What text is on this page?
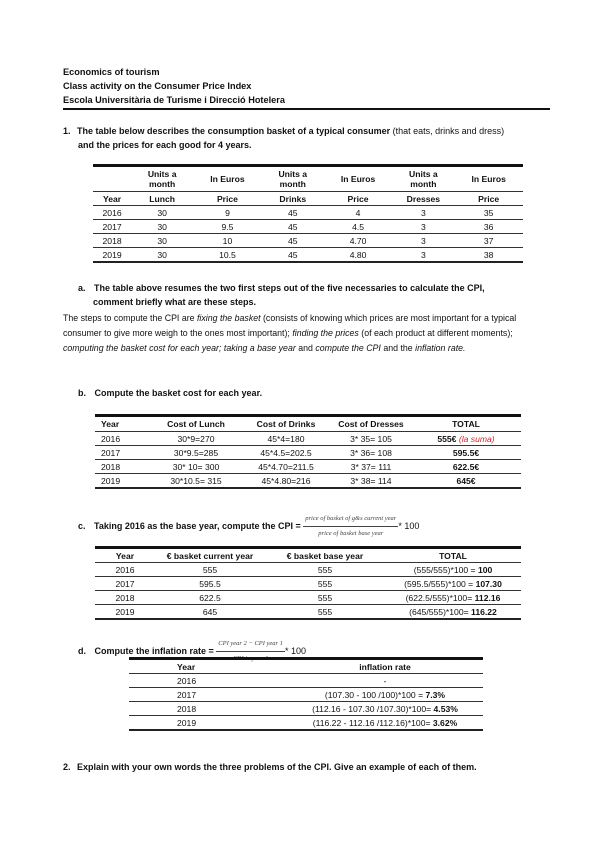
Economics of tourism
Class activity on the Consumer Price Index
Escola Universitària de Turisme i Direcció Hotelera
1. The table below describes the consumption basket of a typical consumer (that eats, drinks and dress)
and the prices for each good for 4 years.
	Units a month	In Euros	Units a month	In Euros	Units a month	In Euros
Year	Lunch	Price	Drinks	Price	Dresses	Price
2016	30	9	45	4	3	35
2017	30	9.5	45	4.5	3	36
2018	30	10	45	4.70	3	37
2019	30	10.5	45	4.80	3	38
a. The table above resumes the two first steps out of the five necessaries to calculate the CPI,
comment briefly what are these steps.

The steps to compute the CPI are fixing the basket (consists of knowing which prices are most important for a typical consumer to give more weigh to the ones most important); finding the prices (of each product at different moments); computing the basket cost for each year; taking a base year and compute the CPI and the inflation rate.

b. Compute the basket cost for each year.
Year	Cost of Lunch	Cost of Drinks	Cost of Dresses	TOTAL
2016	30*9=270	45*4=180	3* 35= 105	555€ (la suma)
2017	30*9.5=285	45*4.5=202.5	3* 36= 108	595.5€
2018	30* 10= 300	45*4.70=211.5	3* 37= 111	622.5€
2019	30*10.5= 315	45*4.80=216	3* 38= 114	645€
c. Taking 2016 as the base year, compute the CPI = $\frac{\text{price of basket of g\&s current year}}{\text{price of basket base year}} * 100$
Year	€ basket current year	€ basket base year	TOTAL
2016	555	555	(555/555)*100 = 100
2017	595.5	555	(595.5/555)*100 = 107.30
2018	622.5	555	(622.5/555)*100= 112.16
2019	645	555	(645/555)*100= 116.22
d. Compute the inflation rate = $\frac{\text{CPI year 2 − CPI year 1}}{\text{CPI in year 1}} * 100$
Year	inflation rate
2016	-
2017	(107.30 - 100 /100)*100 = 7.3%
2018	(112.16 - 107.30 /107.30)*100= 4.53%
2019	(116.22 - 112.16 /112.16)*100= 3.62%
2. Explain with your own words the three problems of the CPI. Give an example of each of them.
